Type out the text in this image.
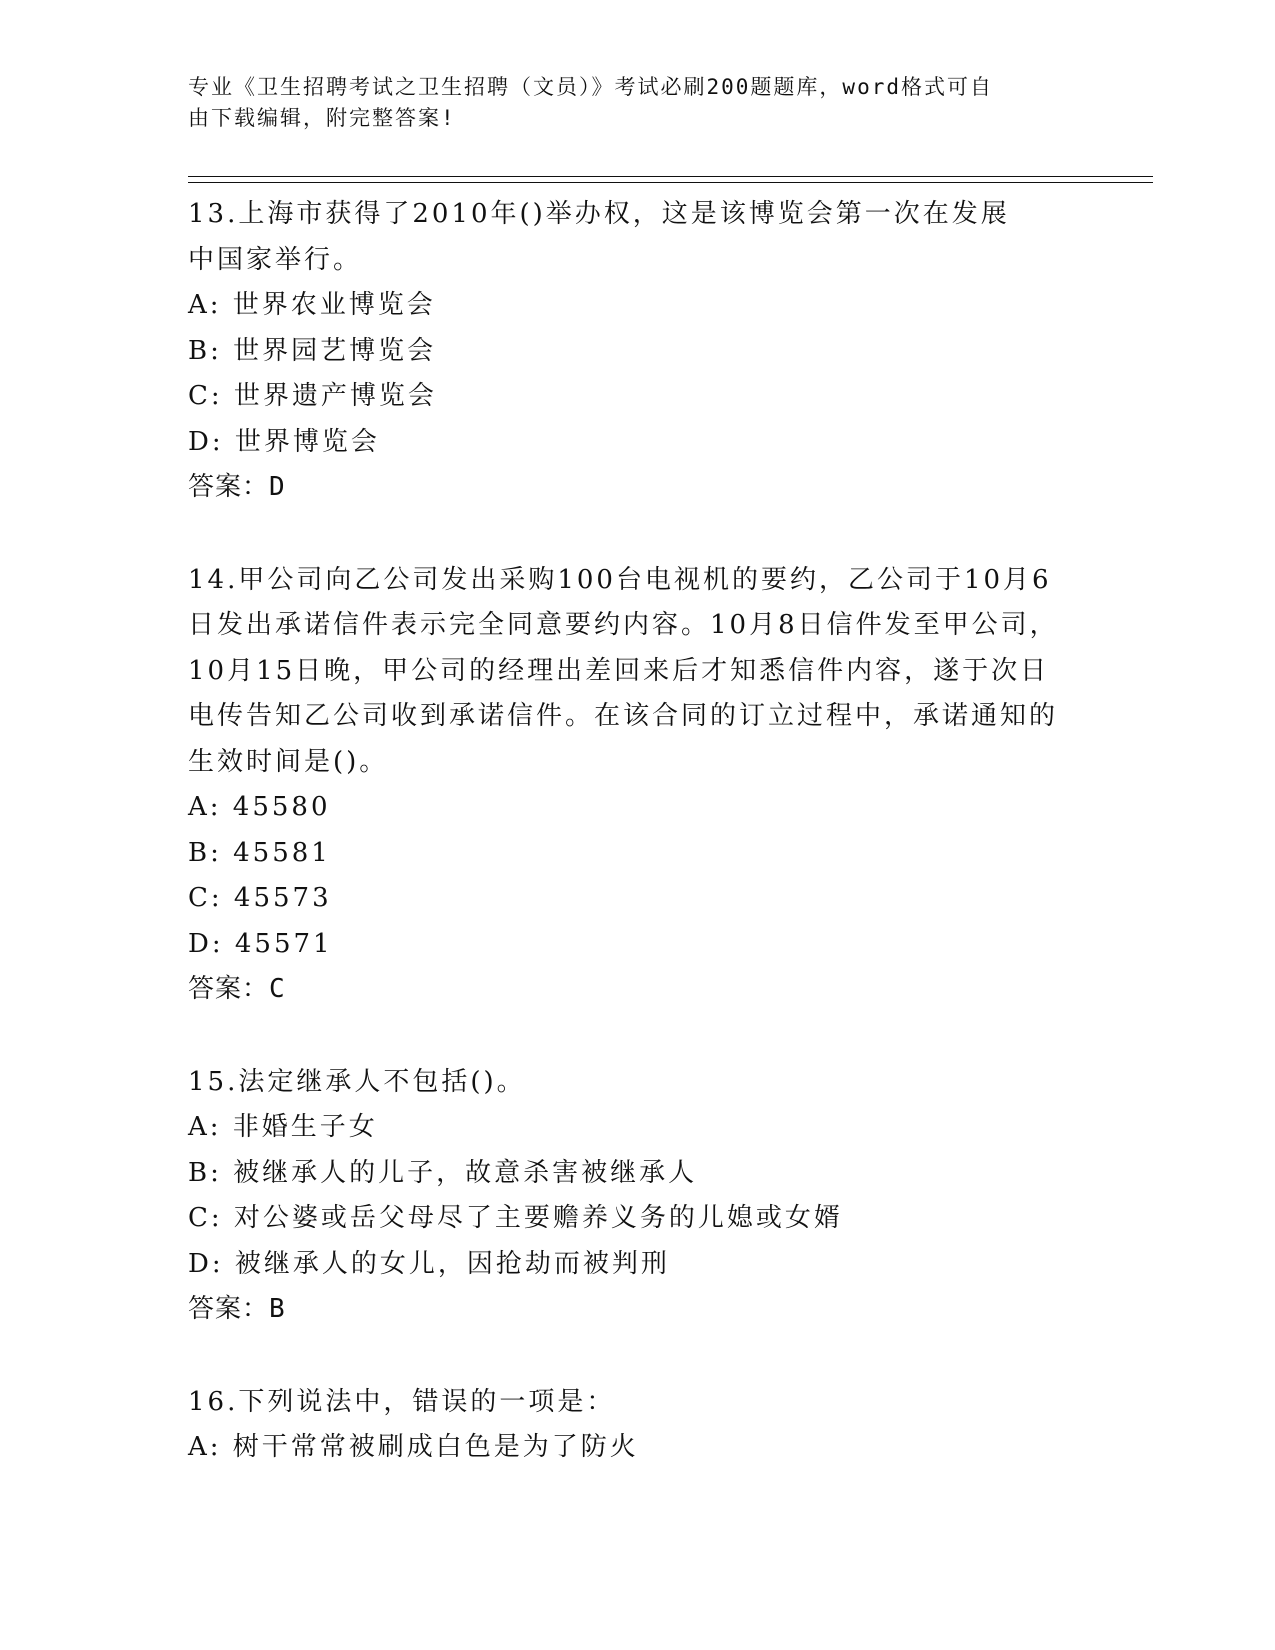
专业《卫生招聘考试之卫生招聘（文员）》考试必刷200题题库，word格式可自
由下载编辑，附完整答案!

13.上海市获得了2010年()举办权，这是该博览会第一次在发展中国家举行。

A: 世界农业博览会

B: 世界园艺博览会

C: 世界遗产博览会

D: 世界博览会

答案：D

14.甲公司向乙公司发出采购100台电视机的要约，乙公司于10月6日发出承诺信件表示完全同意要约内容。10月8日信件发至甲公司，10月15日晚，甲公司的经理出差回来后才知悉信件内容，遂于次日电传告知乙公司收到承诺信件。在该合同的订立过程中，承诺通知的生效时间是()。

A: 45580

B: 45581

C: 45573

D: 45571

答案：C

15.法定继承人不包括()。

A: 非婚生子女

B: 被继承人的儿子，故意杀害被继承人

C: 对公婆或岳父母尽了主要赡养义务的儿媳或女婿

D: 被继承人的女儿，因抢劫而被判刑

答案：B

16.下列说法中，错误的一项是：

A: 树干常常被刷成白色是为了防火
